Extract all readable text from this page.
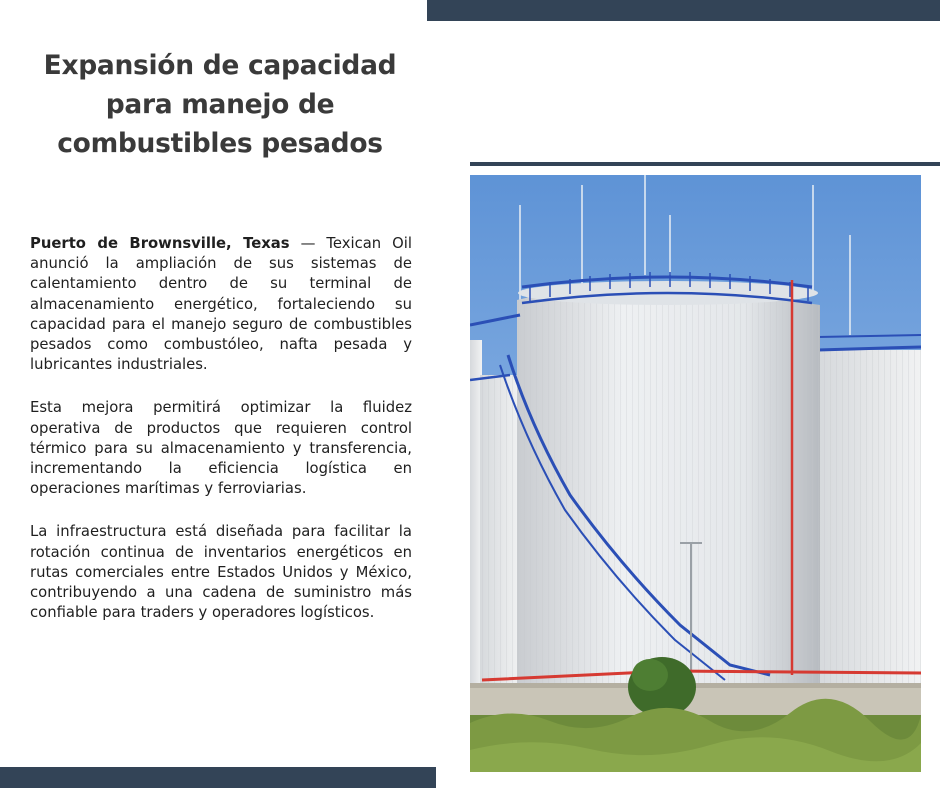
Expansión de capacidad
para manejo de
combustibles pesados

Puerto de Brownsville, Texas — Texican Oil anunció la ampliación de sus sistemas de calentamiento dentro de su terminal de almacenamiento energético, fortaleciendo su capacidad para el manejo seguro de combustibles pesados como combustóleo, nafta pesada y lubricantes industriales.

Esta mejora permitirá optimizar la fluidez operativa de productos que requieren control térmico para su almacenamiento y transferencia, incrementando la eficiencia logística en operaciones marítimas y ferroviarias.

La infraestructura está diseñada para facilitar la rotación continua de inventarios energéticos en rutas comerciales entre Estados Unidos y México, contribuyendo a una cadena de suministro más confiable para traders y operadores logísticos.
